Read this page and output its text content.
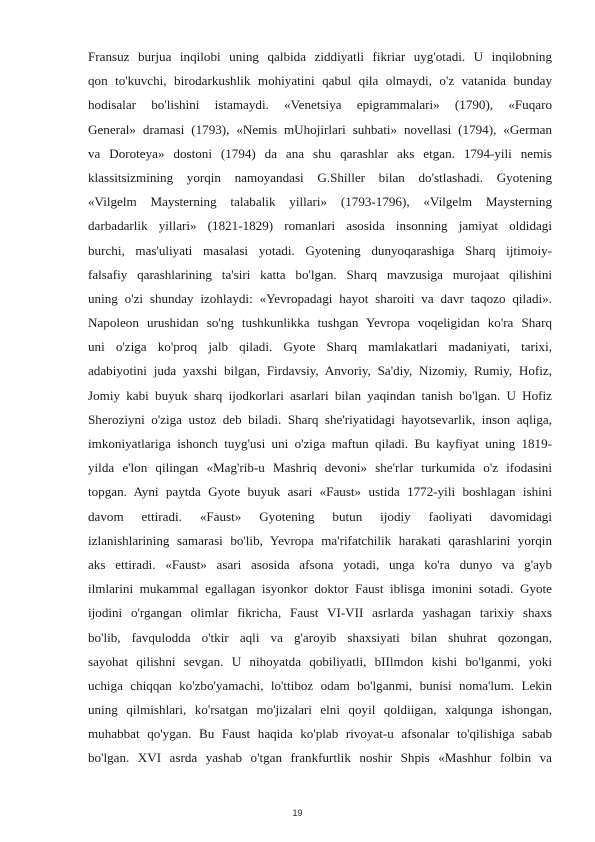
Fransuz burjua inqilobi uning qalbida ziddiyatli fikriar uyg'otadi. U inqilobning
qon to'kuvchi, birodarkushlik mohiyatini qabul qila olmaydi, o'z vatanida bunday
hodisalar bo'lishini istamaydi. «Venetsiya epigrammalari» (1790), «Fuqaro
General» dramasi (1793), «Nemis mUhojirlari suhbati» novellasi (1794), «German
va Doroteya» dostoni (1794) da ana shu qarashlar aks etgan. 1794-yili nemis
klassitsizmining yorqin namoyandasi G.Shiller bilan do'stlashadi. Gyotening
«Vilgelm Maysterning talabalik yillari» (1793-1796), «Vilgelm Maysterning
darbadarlik yillari» (1821-1829) romanlari asosida insonning jamiyat oldidagi
burchi, mas'uliyati masalasi yotadi. Gyotening dunyoqarashiga Sharq ijtimoiy-
falsafiy qarashlarining ta'siri katta bo'lgan. Sharq mavzusiga murojaat qilishini
uning o'zi shunday izohlaydi: «Yevropadagi hayot sharoiti va davr taqozo qiladi».
Napoleon urushidan so'ng tushkunlikka tushgan Yevropa voqeligidan ko'ra Sharq
uni o'ziga ko'proq jalb qiladi. Gyote Sharq mamlakatlari madaniyati, tarixi,
adabiyotini juda yaxshi bilgan, Firdavsiy, Anvoriy, Sa'diy, Nizomiy, Rumiy, Hofiz,
Jomiy kabi buyuk sharq ijodkorlari asarlari bilan yaqindan tanish bo'lgan. U Hofiz
Sheroziyni o'ziga ustoz deb biladi. Sharq she'riyatidagi hayotsevarlik, inson aqliga,
imkoniyatlariga ishonch tuyg'usi uni o'ziga maftun qiladi. Bu kayfiyat uning 1819-
yilda e'lon qilingan «Mag'rib-u Mashriq devoni» she'rlar turkumida o'z ifodasini
topgan. Ayni paytda Gyote buyuk asari «Faust» ustida 1772-yili boshlagan ishini
davom ettiradi. «Faust» Gyotening butun ijodiy faoliyati davomidagi
izlanishlarining samarasi bo'lib, Yevropa ma'rifatchilik harakati qarashlarini yorqin
aks ettiradi. «Faust» asari asosida afsona yotadi, unga ko'ra dunyo va g'ayb
ilmlarini mukammal egallagan isyonkor doktor Faust iblisga imonini sotadi. Gyote
ijodini o'rgangan olimlar fikricha, Faust VI-VII asrlarda yashagan tarixiy shaxs
bo'lib, favqulodda o'tkir aqli va g'aroyib shaxsiyati bilan shuhrat qozongan,
sayohat qilishni sevgan. U nihoyatda qobiliyatli, bIIlmdon kishi bo'lganmi, yoki
uchiga chiqqan ko'zbo'yamachi, lo'ttiboz odam bo'lganmi, bunisi noma'lum. Lekin
uning qilmishlari, ko'rsatgan mo'jizalari elni qoyil qoldiigan, xalqunga ishongan,
muhabbat qo'ygan. Bu Faust haqida ko'plab rivoyat-u afsonalar to'qilishiga sabab
bo'lgan. XVI asrda yashab o'tgan frankfurtlik noshir Shpis «Mashhur folbin va
19
